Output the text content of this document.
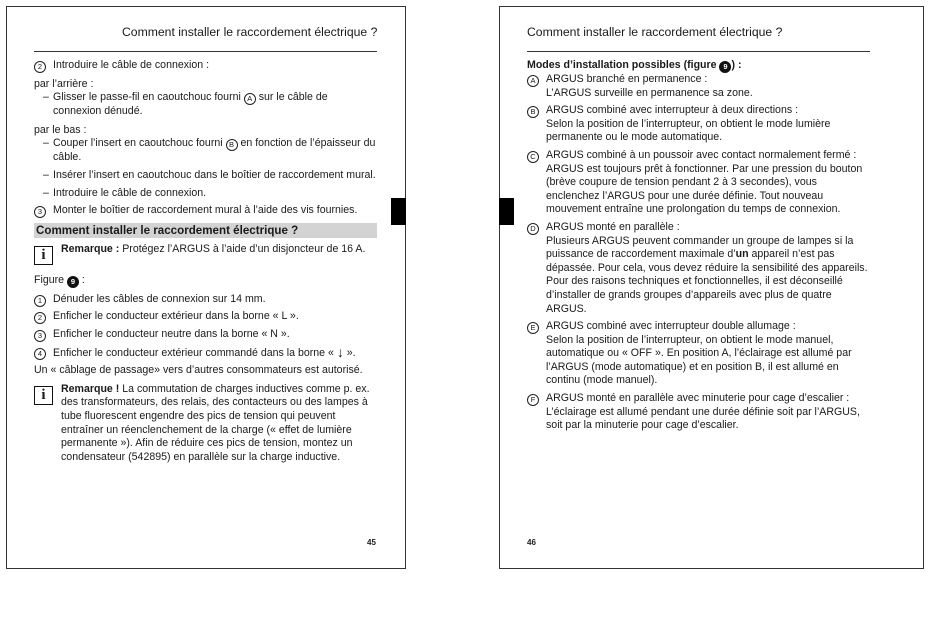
Comment installer le raccordement électrique ?

2	Introduire le câble de connexion :

par l’arrière :

– Glisser le passe-fil en caoutchouc fourni A sur le câble de connexion dénudé.

par le bas :

– Couper l’insert en caoutchouc fourni B en fonction de l’épaisseur du câble.

– Insérer l’insert en caoutchouc dans le boîtier de raccordement mural.

– Introduire le câble de connexion.

3	Monter le boîtier de raccordement mural à l’aide des vis fournies.

Comment installer le raccordement électrique ?
i	Remarque : Protégez l’ARGUS à l’aide d’un disjoncteur de 16 A.

Figure 9 :

1	Dénuder les câbles de connexion sur 14 mm.

2	Enficher le conducteur extérieur dans la borne « L ».

3	Enficher le conducteur neutre dans la borne « N ».

4	Enficher le conducteur extérieur commandé dans la borne « ↓ ».

Un « câblage de passage» vers d’autres consommateurs est autorisé.

i	Remarque ! La commutation de charges inductives comme p. ex. des transformateurs, des relais, des contacteurs ou des lampes à tube fluorescent engendre des pics de tension qui peuvent entraîner un réenclenchement de la charge (« effet de lumière permanente »). Afin de réduire ces pics de tension, montez un condensateur (542895) en parallèle sur la charge inductive.
45
Comment installer le raccordement électrique ?

Modes d’installation possibles (figure 9 ) :

A ARGUS branché en permanence :

L’ARGUS surveille en permanence sa zone.

B ARGUS combiné avec interrupteur à deux directions :

Selon la position de l’interrupteur, on obtient le mode lumière permanente ou le mode automatique.

C ARGUS combiné à un poussoir avec contact normalement fermé :

ARGUS est toujours prêt à fonctionner. Par une pression du bouton (brève coupure de tension pendant 2 à 3 secondes), vous enclenchez l’ARGUS pour une durée définie. Tout nouveau mouvement entraîne une prolongation du temps de connexion.

D ARGUS monté en parallèle :

Plusieurs ARGUS peuvent commander un groupe de lampes si la puissance de raccordement maximale d’un appareil n’est pas dépassée. Pour cela, vous devez réduire la sensibilité des appareils. Pour des raisons techniques et fonctionnelles, il est déconseillé d’installer de grands groupes d’appareils avec plus de quatre ARGUS.

E ARGUS combiné avec interrupteur double allumage :

Selon la position de l’interrupteur, on obtient le mode manuel, automatique ou « OFF ». En position A, l’éclairage est allumé par l’ARGUS (mode automatique) et en position B, il est allumé en continu (mode manuel).

F	ARGUS monté en parallèle avec minuterie pour cage d’escalier :

L’éclairage est allumé pendant une durée définie soit par l’ARGUS, soit par la minuterie pour cage d’escalier.

46
